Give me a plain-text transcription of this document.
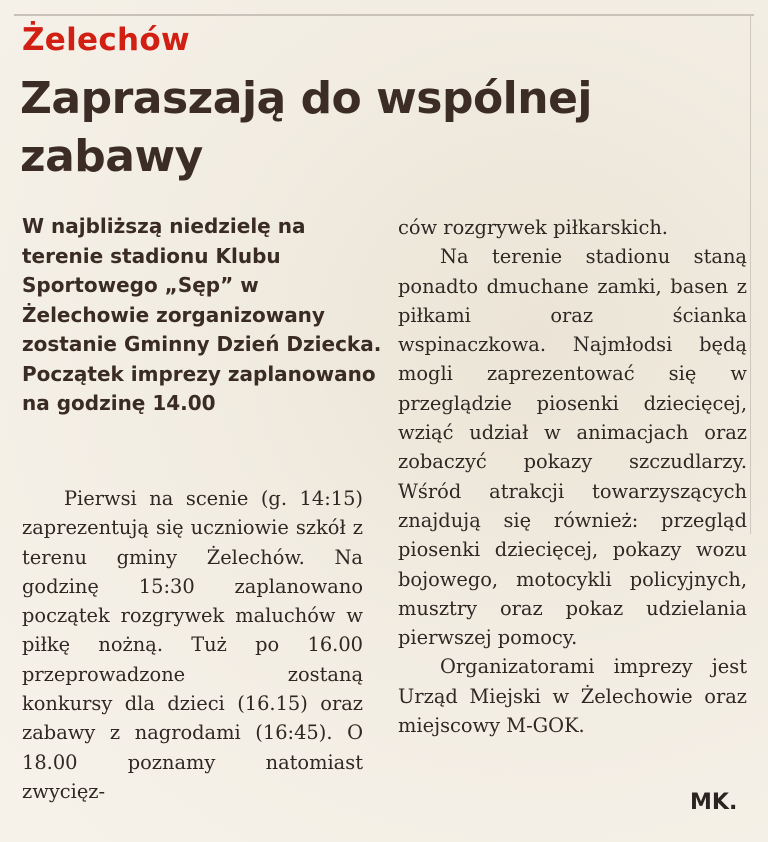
Żelechów
Zapraszają do wspólnej zabawy
W najbliższą niedzielę na terenie stadionu Klubu Sportowego „Sęp” w Żelechowie zorganizowany zostanie Gminny Dzień Dziecka. Początek imprezy zaplanowano na godzinę 14.00
Pierwsi na scenie (g. 14:15) zaprezentują się uczniowie szkół z terenu gminy Żelechów. Na godzinę 15:30 zaplanowano początek rozgrywek maluchów w piłkę nożną. Tuż po 16.00 przeprowadzone zostaną konkursy dla dzieci (16.15) oraz zabawy z nagrodami (16:45). O 18.00 poznamy natomiast zwycięz-

ców rozgrywek piłkarskich.

Na terenie stadionu staną ponadto dmuchane zamki, basen z piłkami oraz ścianka wspinaczkowa. Najmłodsi będą mogli zaprezentować się w przeglądzie piosenki dziecięcej, wziąć udział w animacjach oraz zobaczyć pokazy szczudlarzy. Wśród atrakcji towarzyszących znajdują się również: przegląd piosenki dziecięcej, pokazy wozu bojowego, motocykli policyjnych, musztry oraz pokaz udzielania pierwszej pomocy.

Organizatorami imprezy jest Urząd Miejski w Żelechowie oraz miejscowy M-GOK.

MK.
